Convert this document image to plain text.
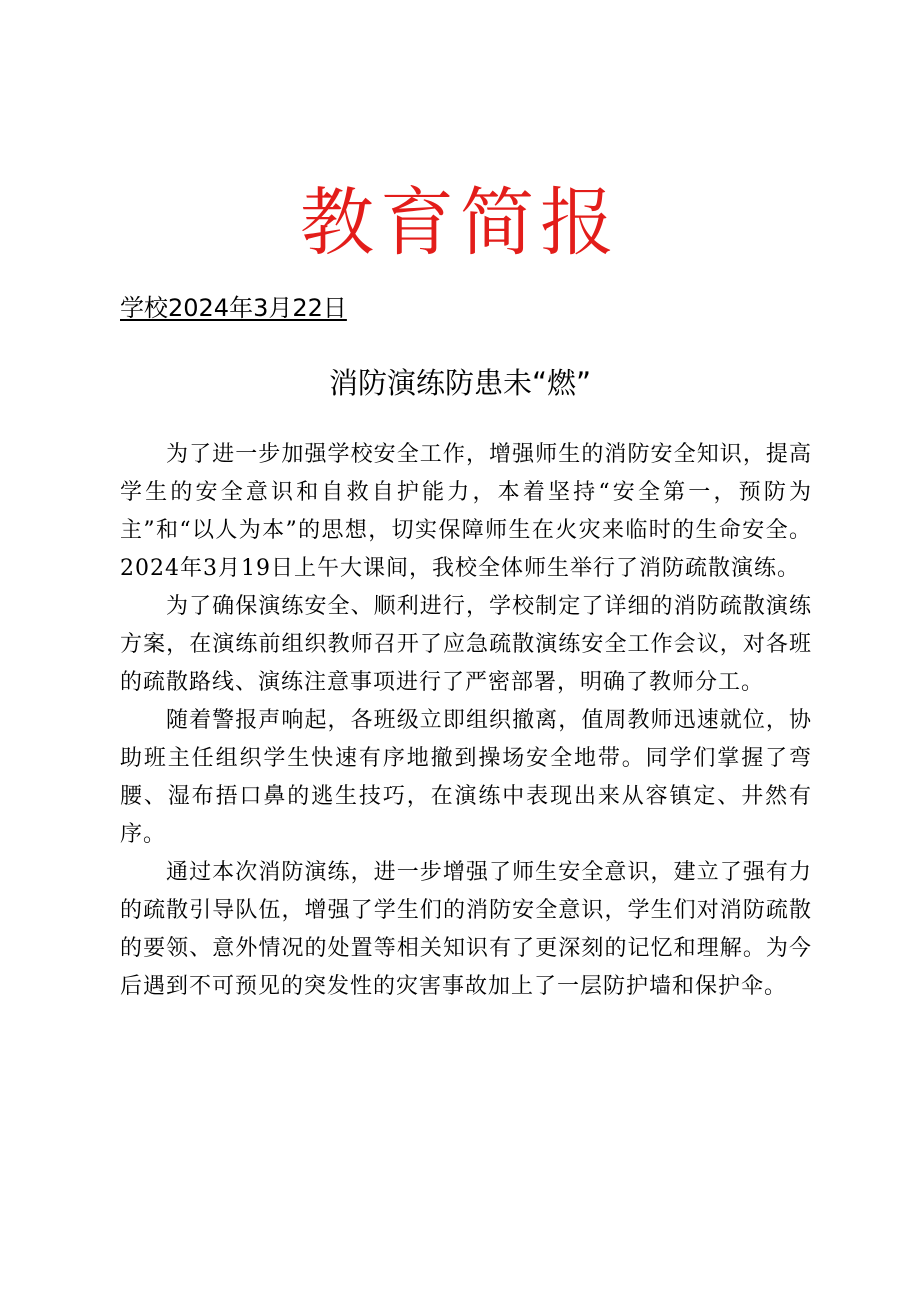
教育简报
学校2024年3月22日
消防演练防患未“燃”

为了进一步加强学校安全工作，增强师生的消防安全知识，提高学生的安全意识和自救自护能力，本着坚持“安全第一，预防为主”和“以人为本”的思想，切实保障师生在火灾来临时的生命安全。2024年3月19日上午大课间，我校全体师生举行了消防疏散演练。

为了确保演练安全、顺利进行，学校制定了详细的消防疏散演练方案，在演练前组织教师召开了应急疏散演练安全工作会议，对各班的疏散路线、演练注意事项进行了严密部署，明确了教师分工。

随着警报声响起，各班级立即组织撤离，值周教师迅速就位，协助班主任组织学生快速有序地撤到操场安全地带。同学们掌握了弯腰、湿布捂口鼻的逃生技巧，在演练中表现出来从容镇定、井然有序。

通过本次消防演练，进一步增强了师生安全意识，建立了强有力的疏散引导队伍，增强了学生们的消防安全意识，学生们对消防疏散的要领、意外情况的处置等相关知识有了更深刻的记忆和理解。为今后遇到不可预见的突发性的灾害事故加上了一层防护墙和保护伞。
